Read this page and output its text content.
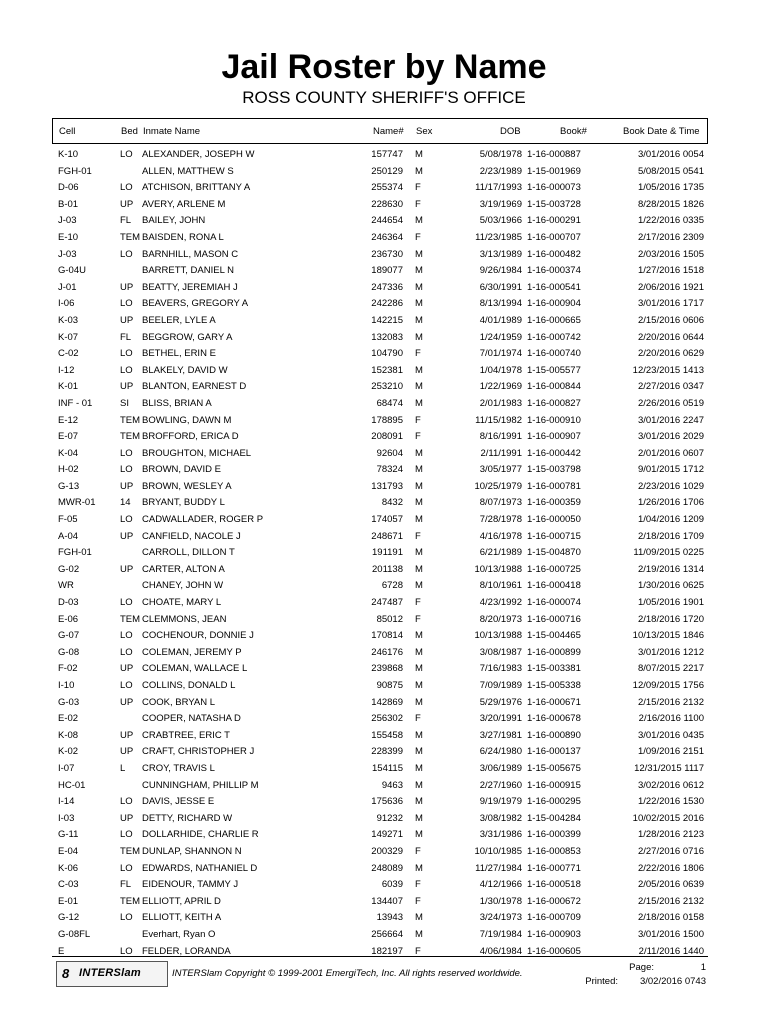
Jail Roster by Name
ROSS COUNTY SHERIFF'S OFFICE
Cell	Bed Inmate Name	Name# Sex	DOB	Book#	Book Date & Time
K-10	LO ALEXANDER, JOSEPH W	157747 M	5/08/1978 1-16-000887	3/01/2016 0054
FGH-01	ALLEN, MATTHEW S	250129 M	2/23/1989 1-15-001969	5/08/2015 0541
D-06	LO ATCHISON, BRITTANY A	255374 F	11/17/1993 1-16-000073	1/05/2016 1735
B-01	UP AVERY, ARLENE M	228630 F	3/19/1969 1-15-003728	8/28/2015 1826
J-03	FL	BAILEY, JOHN	244654 M	5/03/1966 1-16-000291	1/22/2016 0335
E-10	TEM BAISDEN, RONA L	246364 F	11/23/1985 1-16-000707	2/17/2016 2309
J-03	LO BARNHILL, MASON C	236730 M	3/13/1989 1-16-000482	2/03/2016 1505
G-04U	BARRETT, DANIEL N	189077 M	9/26/1984 1-16-000374	1/27/2016 1518
J-01	UP BEATTY, JEREMIAH J	247336 M	6/30/1991 1-16-000541	2/06/2016 1921
I-06	LO BEAVERS, GREGORY A	242286 M	8/13/1994 1-16-000904	3/01/2016 1717
K-03	UP BEELER, LYLE A	142215 M	4/01/1989 1-16-000665	2/15/2016 0606
K-07	FL	BEGGROW, GARY A	132083 M	1/24/1959 1-16-000742	2/20/2016 0644
C-02	LO BETHEL, ERIN E	104790 F	7/01/1974 1-16-000740	2/20/2016 0629
I-12	LO BLAKELY, DAVID W	152381 M	1/04/1978 1-15-005577	12/23/2015 1413
K-01	UP BLANTON, EARNEST D	253210 M	1/22/1969 1-16-000844	2/27/2016 0347
INF - 01	SI	BLISS, BRIAN A	68474 M	2/01/1983 1-16-000827	2/26/2016 0519
E-12	TEM BOWLING, DAWN M	178895 F	11/15/1982 1-16-000910	3/01/2016 2247
E-07	TEM BROFFORD, ERICA D	208091 F	8/16/1991 1-16-000907	3/01/2016 2029
K-04	LO BROUGHTON, MICHAEL	92604 M	2/11/1991 1-16-000442	2/01/2016 0607
H-02	LO BROWN, DAVID E	78324 M	3/05/1977 1-15-003798	9/01/2015 1712
G-13	UP BROWN, WESLEY A	131793 M	10/25/1979 1-16-000781	2/23/2016 1029
MWR-01	14	BRYANT, BUDDY L	8432 M	8/07/1973 1-16-000359	1/26/2016 1706
F-05	LO CADWALLADER, ROGER P	174057 M	7/28/1978 1-16-000050	1/04/2016 1209
A-04	UP CANFIELD, NACOLE J	248671 F	4/16/1978 1-16-000715	2/18/2016 1709
FGH-01	CARROLL, DILLON T	191191 M	6/21/1989 1-15-004870	11/09/2015 0225
G-02	UP CARTER, ALTON A	201138 M	10/13/1988 1-16-000725	2/19/2016 1314
WR	CHANEY, JOHN W	6728 M	8/10/1961 1-16-000418	1/30/2016 0625
D-03	LO CHOATE, MARY L	247487 F	4/23/1992 1-16-000074	1/05/2016 1901
E-06	TEM CLEMMONS, JEAN	85012 F	8/20/1973 1-16-000716	2/18/2016 1720
G-07	LO COCHENOUR, DONNIE J	170814 M	10/13/1988 1-15-004465	10/13/2015 1846
G-08	LO COLEMAN, JEREMY P	246176 M	3/08/1987 1-16-000899	3/01/2016 1212
F-02	UP COLEMAN, WALLACE L	239868 M	7/16/1983 1-15-003381	8/07/2015 2217
I-10	LO COLLINS, DONALD L	90875 M	7/09/1989 1-15-005338	12/09/2015 1756
G-03	UP COOK, BRYAN L	142869 M	5/29/1976 1-16-000671	2/15/2016 2132
E-02	COOPER, NATASHA D	256302 F	3/20/1991 1-16-000678	2/16/2016 1100
K-08	UP CRABTREE, ERIC T	155458 M	3/27/1981 1-16-000890	3/01/2016 0435
K-02	UP CRAFT, CHRISTOPHER J	228399 M	6/24/1980 1-16-000137	1/09/2016 2151
I-07	L	CROY, TRAVIS L	154115 M	3/06/1989 1-15-005675	12/31/2015 1117
HC-01	CUNNINGHAM, PHILLIP M	9463 M	2/27/1960 1-16-000915	3/02/2016 0612
I-14	LO DAVIS, JESSE E	175636 M	9/19/1979 1-16-000295	1/22/2016 1530
I-03	UP DETTY, RICHARD W	91232 M	3/08/1982 1-15-004284	10/02/2015 2016
G-11	LO DOLLARHIDE, CHARLIE R	149271 M	3/31/1986 1-16-000399	1/28/2016 2123
E-04	TEM DUNLAP, SHANNON N	200329 F	10/10/1985 1-16-000853	2/27/2016 0716
K-06	LO EDWARDS, NATHANIEL D	248089 M	11/27/1984 1-16-000771	2/22/2016 1806
C-03	FL	EIDENOUR, TAMMY J	6039 F	4/12/1966 1-16-000518	2/05/2016 0639
E-01	TEM ELLIOTT, APRIL D	134407 F	1/30/1978 1-16-000672	2/15/2016 2132
G-12	LO ELLIOTT, KEITH A	13943 M	3/24/1973 1-16-000709	2/18/2016 0158
G-08FL	Everhart, Ryan O	256664 M	7/19/1984 1-16-000903	3/01/2016 1500
E	LO FELDER, LORANDA	182197 F	4/06/1984 1-16-000605	2/11/2016 1440
8 INTERSlam	INTERSlam Copyright © 1999-2001 EmergiTech, Inc. All rights reserved worldwide.
Page:	1
Printed: 3/02/2016 0743
